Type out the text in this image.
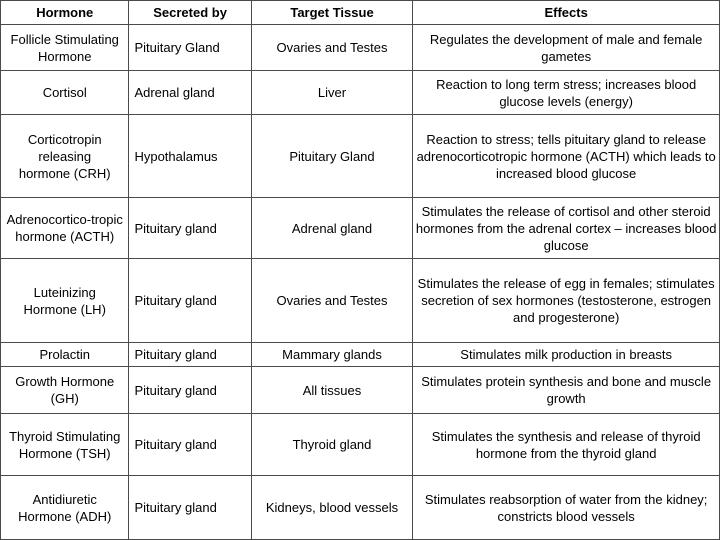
Hormone	Secreted by	Target Tissue	Effects
Follicle Stimulating Hormone	Pituitary Gland	Ovaries and Testes	Regulates the development of male and female gametes
Cortisol	Adrenal gland	Liver	Reaction to long term stress; increases blood glucose levels (energy)
Corticotropin releasing hormone (CRH)	Hypothalamus	Pituitary Gland	Reaction to stress; tells pituitary gland to release adrenocorticotropic hormone (ACTH) which leads to increased blood glucose
Adrenocortico-tropic hormone (ACTH)	Pituitary gland	Adrenal gland	Stimulates the release of cortisol and other steroid hormones from the adrenal cortex – increases blood glucose
Luteinizing Hormone (LH)	Pituitary gland	Ovaries and Testes	Stimulates the release of egg in females; stimulates secretion of sex hormones (testosterone, estrogen and progesterone)
Prolactin	Pituitary gland	Mammary glands	Stimulates milk production in breasts
Growth Hormone (GH)	Pituitary gland	All tissues	Stimulates protein synthesis and bone and muscle growth
Thyroid Stimulating Hormone (TSH)	Pituitary gland	Thyroid gland	Stimulates the synthesis and release of thyroid hormone from the thyroid gland
Antidiuretic Hormone (ADH)	Pituitary gland	Kidneys, blood vessels	Stimulates reabsorption of water from the kidney; constricts blood vessels
